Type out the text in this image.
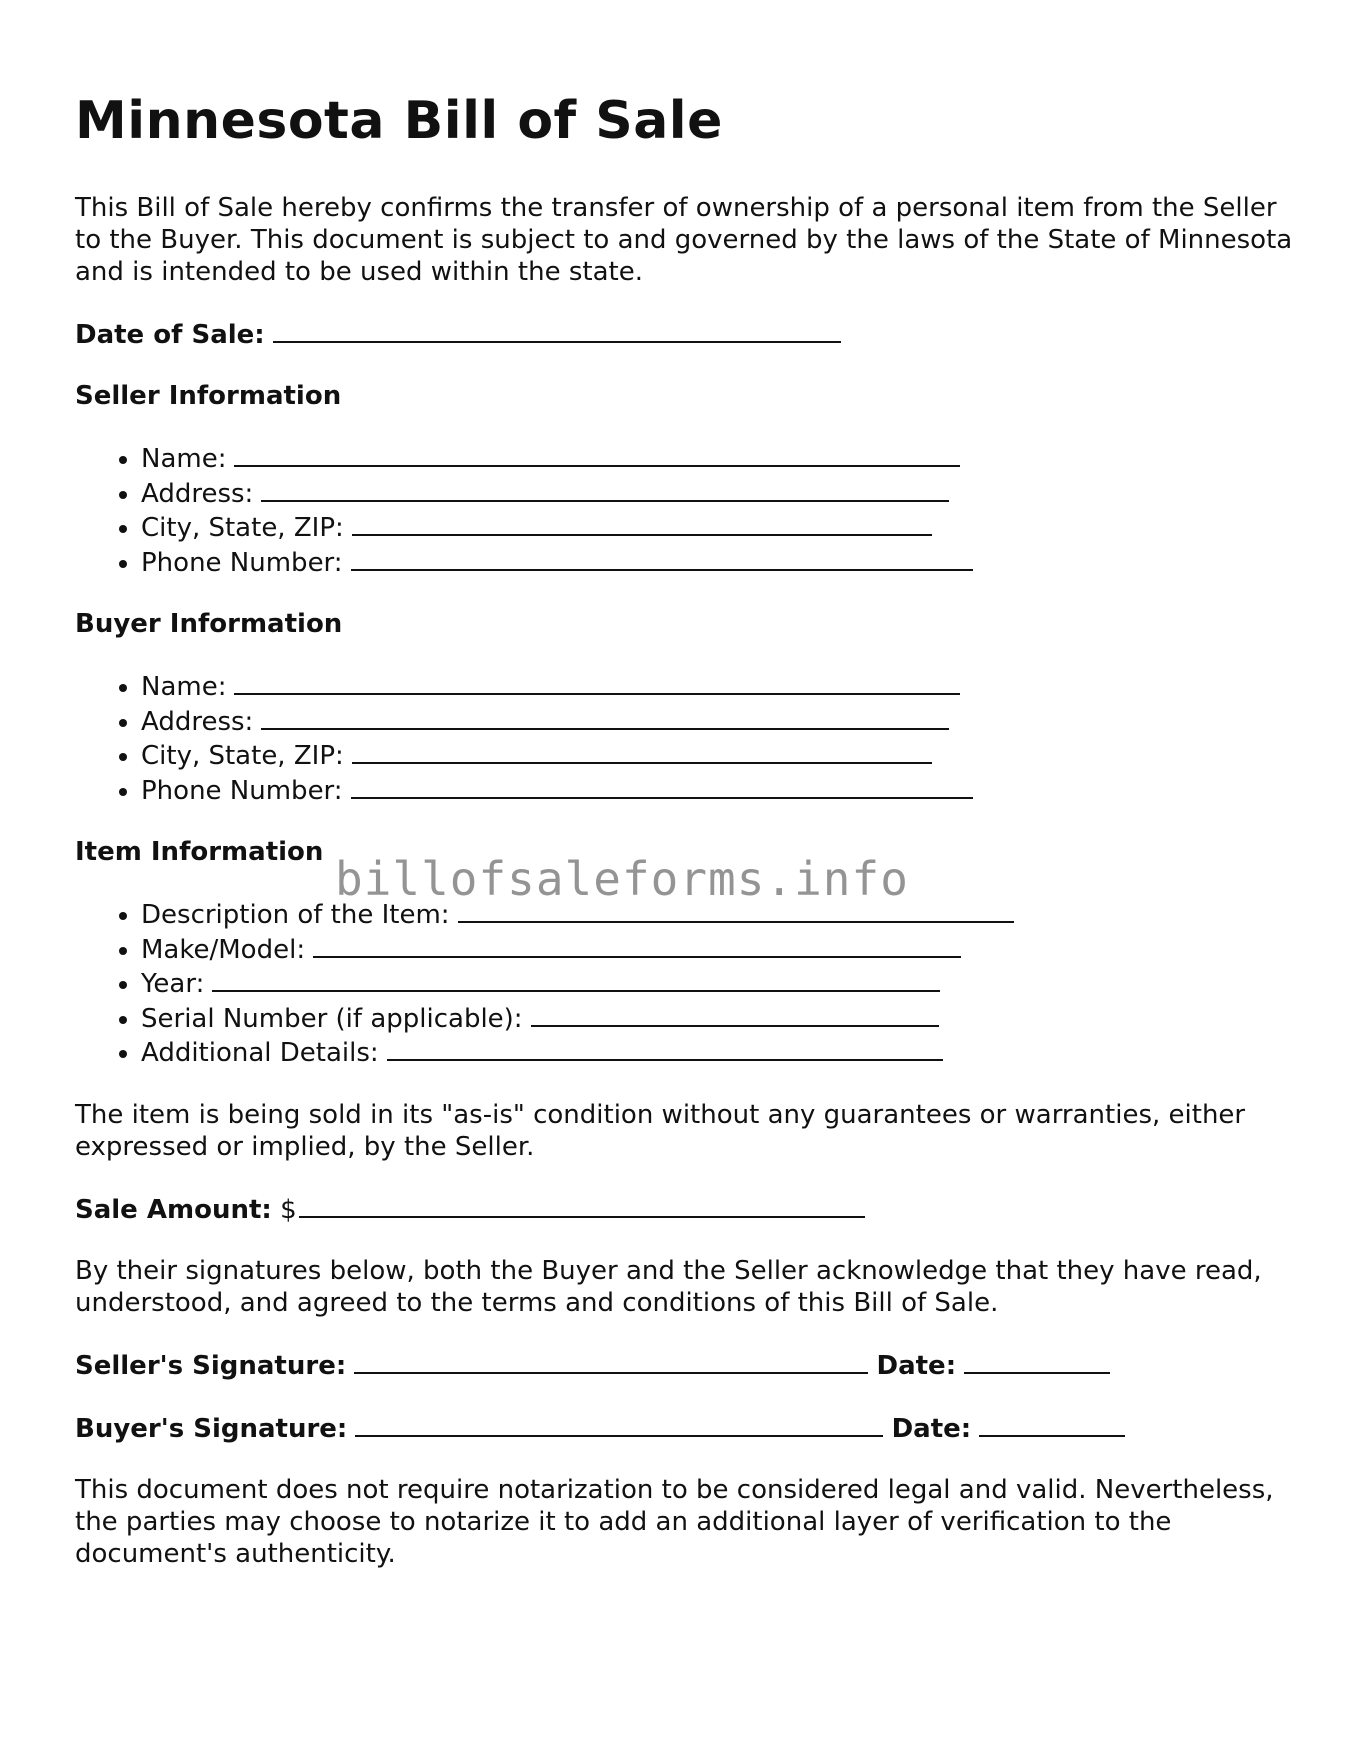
Minnesota Bill of Sale

This Bill of Sale hereby confirms the transfer of ownership of a personal item from the Seller to the Buyer. This document is subject to and governed by the laws of the State of Minnesota and is intended to be used within the state.

Date of Sale:
Seller Information
• Name:
• Address:
• City, State, ZIP:
• Phone Number:
Buyer Information
• Name:
• Address:
• City, State, ZIP:
• Phone Number:
Item Information
• Description of the Item:
• Make/Model:
• Year:
• Serial Number (if applicable):
• Additional Details:

The item is being sold in its "as-is" condition without any guarantees or warranties, either expressed or implied, by the Seller.

Sale Amount: $

By their signatures below, both the Buyer and the Seller acknowledge that they have read, understood, and agreed to the terms and conditions of this Bill of Sale.

Seller's Signature:	Date:
Buyer's Signature:	Date:

This document does not require notarization to be considered legal and valid. Nevertheless, the parties may choose to notarize it to add an additional layer of verification to the document's authenticity.

billofsaleforms.info
